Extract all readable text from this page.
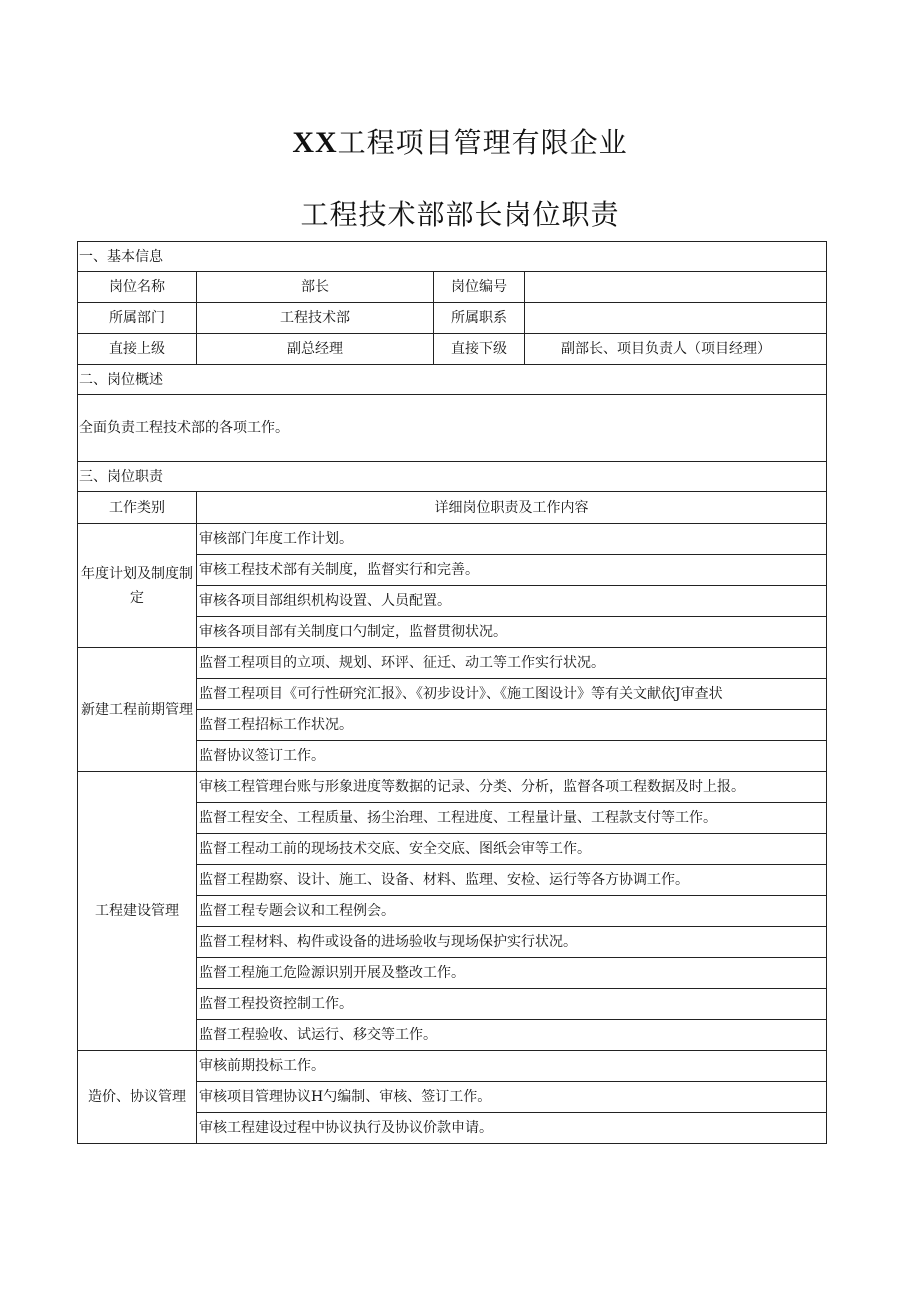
XX工程项目管理有限企业
工程技术部部长岗位职责
一、基本信息			
岗位名称	部长	岗位编号	
所属部门	工程技术部	所属职系	
直接上级	副总经理	直接下级	副部长、项目负责人（项目经理）
二、岗位概述			
全面负责工程技术部的各项工作。			
三、岗位职责			
工作类别	详细岗位职责及工作内容		
年度计划及制度制定	审核部门年度工作计划。		
	审核工程技术部有关制度，监督实行和完善。		
	审核各项目部组织机构设置、人员配置。		
	审核各项目部有关制度口勺制定，监督贯彻状况。		
新建工程前期管理	监督工程项目的立项、规划、环评、征迁、动工等工作实行状况。		
	监督工程项目《可行性研究汇报》、《初步设计》、《施工图设计》等有关文献依J审查状		
	监督工程招标工作状况。		
	监督协议签订工作。		
工程建设管理	审核工程管理台账与形象进度等数据的记录、分类、分析，监督各项工程数据及时上报。		
	监督工程安全、工程质量、扬尘治理、工程进度、工程量计量、工程款支付等工作。		
	监督工程动工前的现场技术交底、安全交底、图纸会审等工作。		
	监督工程勘察、设计、施工、设备、材料、监理、安检、运行等各方协调工作。		
	监督工程专题会议和工程例会。		
	监督工程材料、构件或设备的进场验收与现场保护实行状况。		
	监督工程施工危险源识别开展及整改工作。		
	监督工程投资控制工作。		
	监督工程验收、试运行、移交等工作。		
造价、协议管理	审核前期投标工作。		
	审核项目管理协议H勺编制、审核、签订工作。		
	审核工程建设过程中协议执行及协议价款申请。		
